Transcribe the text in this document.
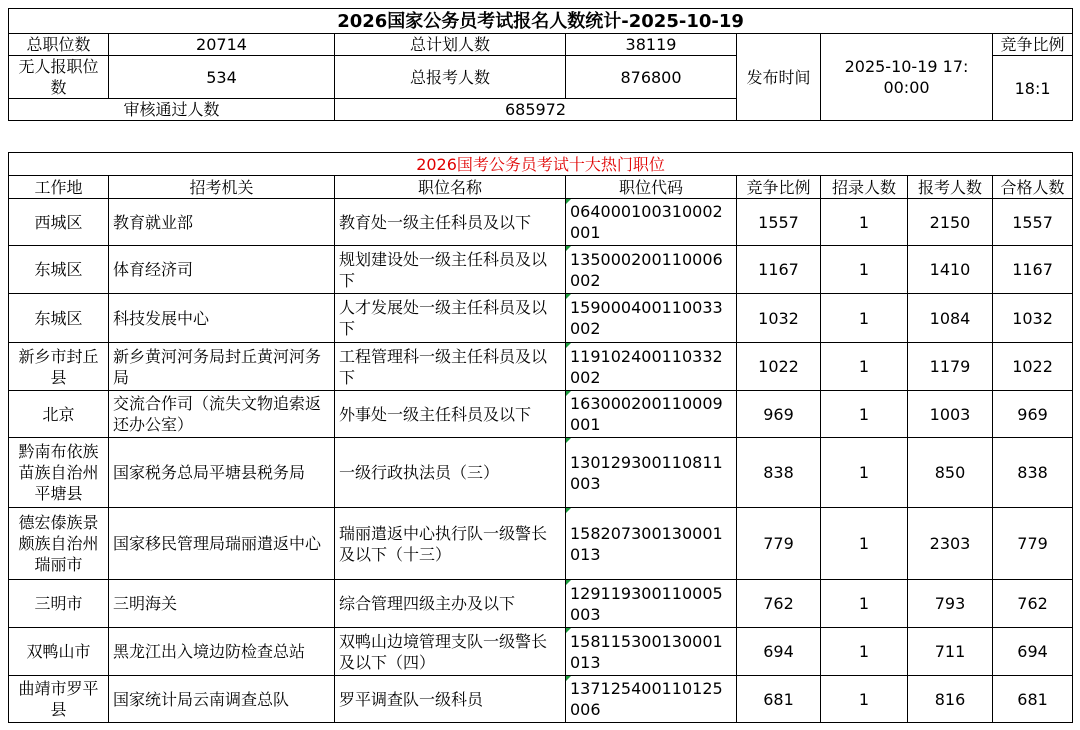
2026国家公务员考试报名人数统计-2025-10-19						
总职位数	20714	总计划人数	38119	发布时间	2025-10-19 17:00:00	竞争比例
无人报职位数	534	总报考人数	876800			18:1
审核通过人数		685972				
2026国考公务员考试十大热门职位							
工作地	招考机关	职位名称	职位代码	竞争比例	招录人数	报考人数	合格人数
西城区	教育就业部	教育处一级主任科员及以下	064000100310002001	1557	1	2150	1557
东城区	体育经济司	规划建设处一级主任科员及以下	135000200110006002	1167	1	1410	1167
东城区	科技发展中心	人才发展处一级主任科员及以下	159000400110033002	1032	1	1084	1032
新乡市封丘县	新乡黄河河务局封丘黄河河务局	工程管理科一级主任科员及以下	119102400110332002	1022	1	1179	1022
北京	交流合作司（流失文物追索返还办公室）	外事处一级主任科员及以下	163000200110009001	969	1	1003	969
黔南布依族苗族自治州平塘县	国家税务总局平塘县税务局	一级行政执法员（三）	130129300110811003	838	1	850	838
德宏傣族景颇族自治州瑞丽市	国家移民管理局瑞丽遣返中心	瑞丽遣返中心执行队一级警长及以下（十三）	158207300130001013	779	1	2303	779
三明市	三明海关	综合管理四级主办及以下	129119300110005003	762	1	793	762
双鸭山市	黑龙江出入境边防检查总站	双鸭山边境管理支队一级警长及以下（四）	158115300130001013	694	1	711	694
曲靖市罗平县	国家统计局云南调查总队	罗平调查队一级科员	137125400110125006	681	1	816	681
